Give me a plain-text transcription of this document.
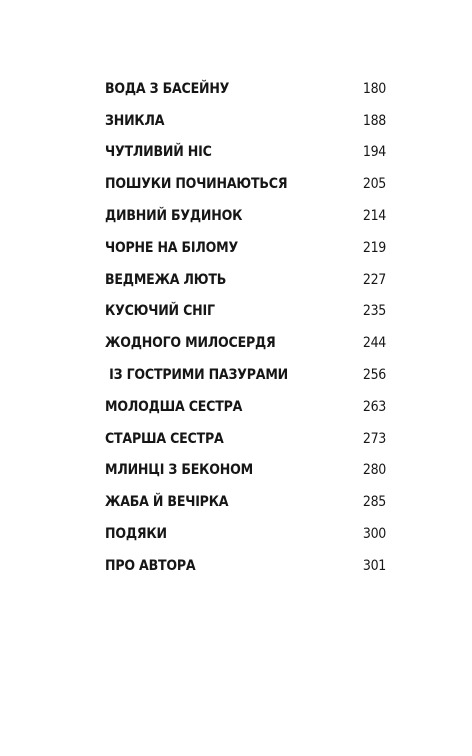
ВОДА З БАСЕЙНУ	180
ЗНИКЛА	188
ЧУТЛИВИЙ НІС	194
ПОШУКИ ПОЧИНАЮТЬСЯ	205
ДИВНИЙ БУДИНОК	214
ЧОРНЕ НА БІЛОМУ	219
ВЕДМЕЖА ЛЮТЬ	227
КУСЮЧИЙ СНІГ	235
ЖОДНОГО МИЛОСЕРДЯ	244
ІЗ ГОСТРИМИ ПАЗУРАМИ	256
МОЛОДША СЕСТРА	263
СТАРША СЕСТРА	273
МЛИНЦІ З БЕКОНОМ	280
ЖАБА Й ВЕЧІРКА	285
ПОДЯКИ	300
ПРО АВТОРА	301
